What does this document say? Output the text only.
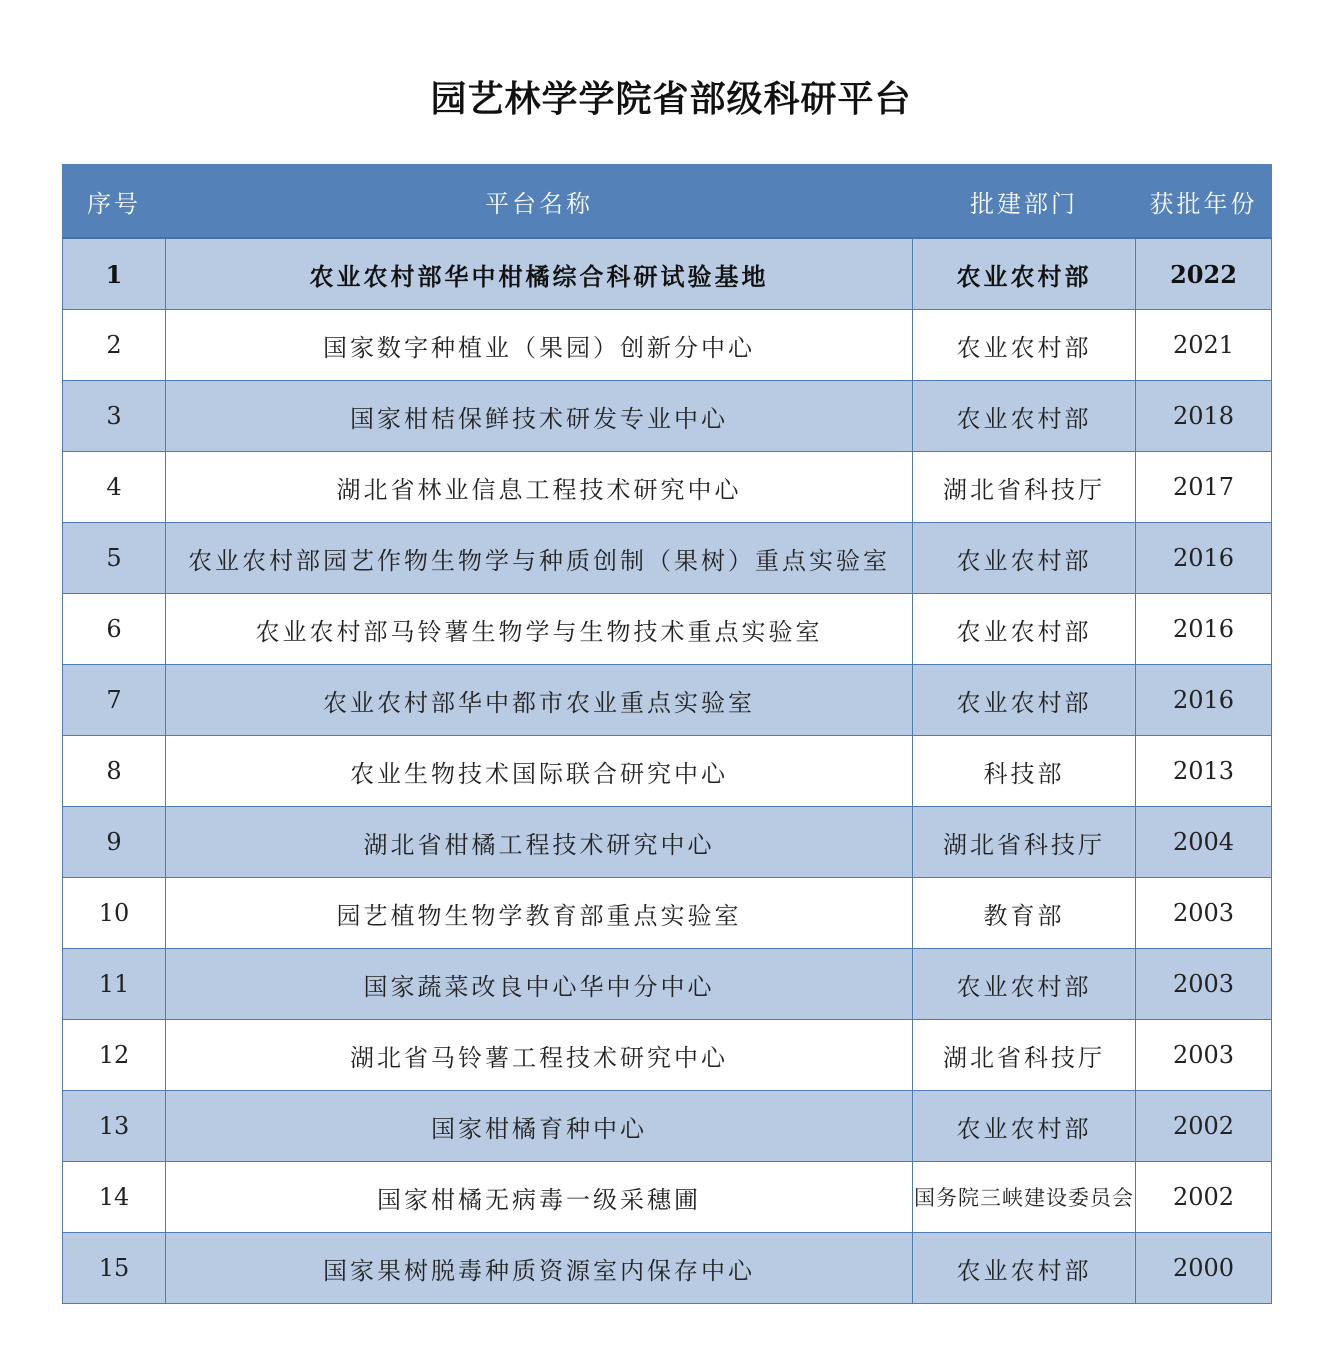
园艺林学学院省部级科研平台
序号	平台名称	批建部门	获批年份
1	农业农村部华中柑橘综合科研试验基地	农业农村部	2022
2	国家数字种植业（果园）创新分中心	农业农村部	2021
3	国家柑桔保鲜技术研发专业中心	农业农村部	2018
4	湖北省林业信息工程技术研究中心	湖北省科技厅	2017
5	农业农村部园艺作物生物学与种质创制（果树）重点实验室	农业农村部	2016
6	农业农村部马铃薯生物学与生物技术重点实验室	农业农村部	2016
7	农业农村部华中都市农业重点实验室	农业农村部	2016
8	农业生物技术国际联合研究中心	科技部	2013
9	湖北省柑橘工程技术研究中心	湖北省科技厅	2004
10	园艺植物生物学教育部重点实验室	教育部	2003
11	国家蔬菜改良中心华中分中心	农业农村部	2003
12	湖北省马铃薯工程技术研究中心	湖北省科技厅	2003
13	国家柑橘育种中心	农业农村部	2002
14	国家柑橘无病毒一级采穗圃	国务院三峡建设委员会	2002
15	国家果树脱毒种质资源室内保存中心	农业农村部	2000
